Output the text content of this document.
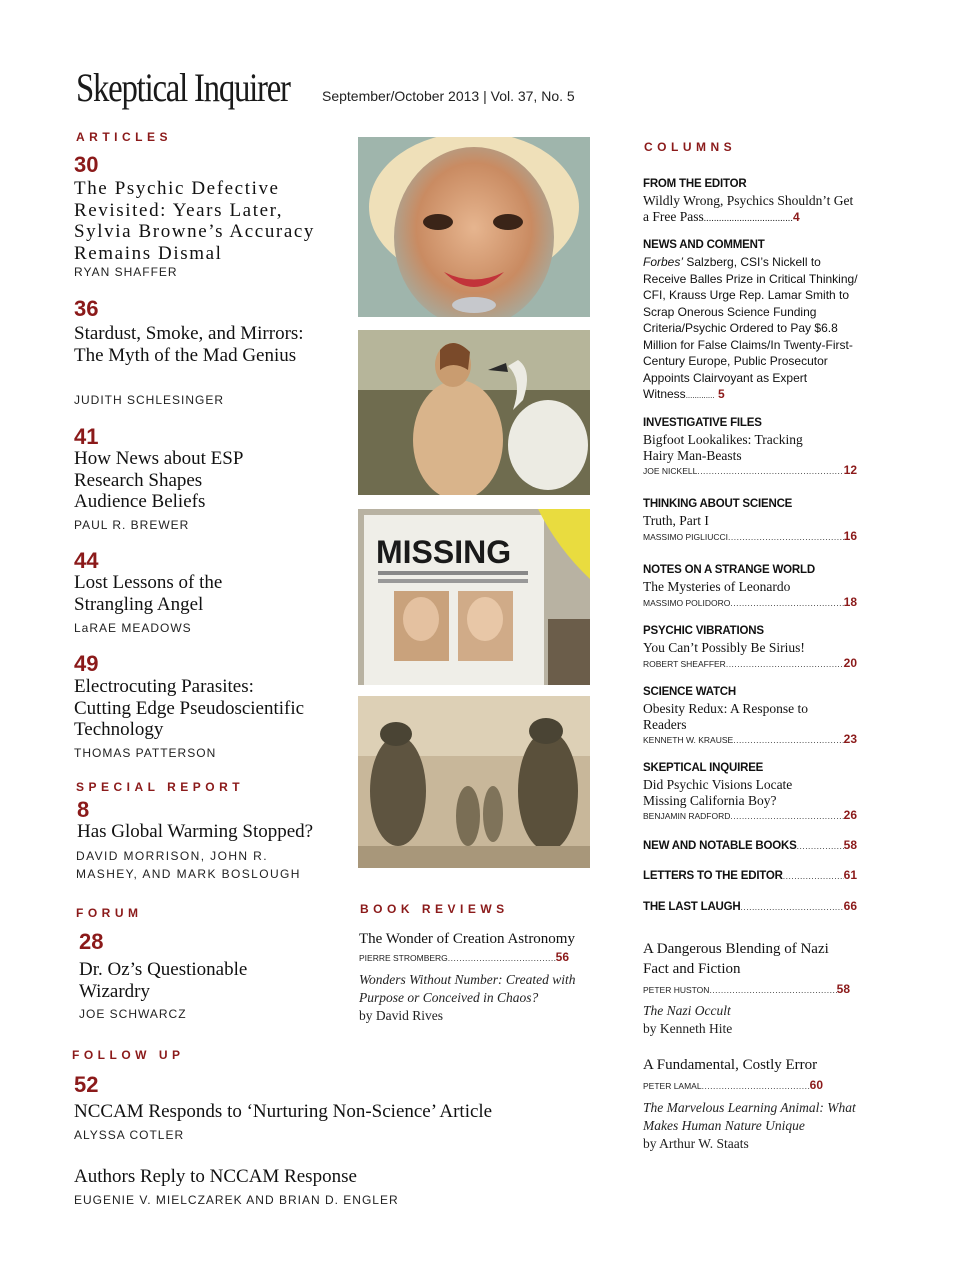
Skeptical Inquirer September/October 2013 | Vol. 37, No. 5
ARTICLES
30
The Psychic Defective Revisited: Years Later, Sylvia Browne’s Accuracy Remains Dismal
RYAN SHAFFER
36
Stardust, Smoke, and Mirrors: The Myth of the Mad Genius
JUDITH SCHLESINGER
41
How News about ESP Research Shapes Audience Beliefs
PAUL R. BREWER
44
Lost Lessons of the Strangling Angel
LaRAE MEADOWS
49
Electrocuting Parasites: Cutting Edge Pseudoscientific Technology
THOMAS PATTERSON
SPECIAL REPORT
8
Has Global Warming Stopped?
DAVID MORRISON, JOHN R. MASHEY, AND MARK BOSLOUGH
FORUM
28
Dr. Oz’s Questionable Wizardry
JOE SCHWARCZ
FOLLOW UP
52
NCCAM Responds to ‘Nurturing Non-Science’ Article
ALYSSA COTLER
Authors Reply to NCCAM Response
EUGENIE V. MIELCZAREK AND BRIAN D. ENGLER
MISSING
BOOK REVIEWS
The Wonder of Creation Astronomy
PIERRE STROMBERG .....	56
Wonders Without Number: Created with Purpose or Conceived in Chaos?
by David Rives
COLUMNS
FROM THE EDITOR
Wildly Wrong, Psychics Shouldn’t Get a Free Pass .....	4
NEWS AND COMMENT
Forbes’ Salzberg, CSI’s Nickell to Receive Balles Prize in Critical Thinking/ CFI, Krauss Urge Rep. Lamar Smith to Scrap Onerous Science Funding Criteria/Psychic Ordered to Pay $6.8 Million for False Claims/In Twenty-First-Century Europe, Public Prosecutor Appoints Clairvoyant as Expert Witness............. 5
INVESTIGATIVE FILES
Bigfoot Lookalikes: Tracking Hairy Man-Beasts
JOE NICKELL .....	12
THINKING ABOUT SCIENCE
Truth, Part I
MASSIMO PIGLIUCCI .....	16
NOTES ON A STRANGE WORLD
The Mysteries of Leonardo
MASSIMO POLIDORO .....	18
PSYCHIC VIBRATIONS
You Can’t Possibly Be Sirius!
ROBERT SHEAFFER .....	20
SCIENCE WATCH
Obesity Redux: A Response to Readers
KENNETH W. KRAUSE .....	23
SKEPTICAL INQUIREE
Did Psychic Visions Locate Missing California Boy?
BENJAMIN RADFORD .....	26
NEW AND NOTABLE BOOKS .....	58
LETTERS TO THE EDITOR .....	61
THE LAST LAUGH .....	66
A Dangerous Blending of Nazi Fact and Fiction
PETER HUSTON .....	58
The Nazi Occult
by Kenneth Hite
A Fundamental, Costly Error
PETER LAMAL .....	60
The Marvelous Learning Animal: What Makes Human Nature Unique
by Arthur W. Staats
